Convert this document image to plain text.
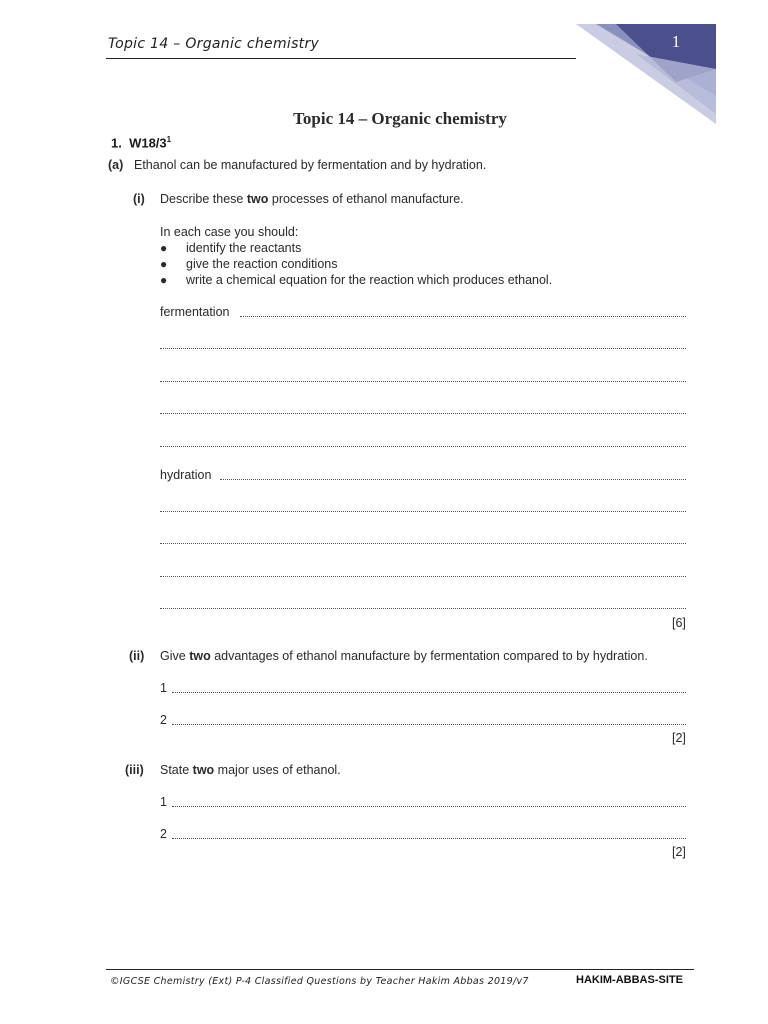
Topic 14 – Organic chemistry	1
Topic 14 – Organic chemistry
1. $W18/3^1$
(a) Ethanol can be manufactured by fermentation and by hydration.
(i) Describe these two processes of ethanol manufacture.
In each case you should:
● identify the reactants
● give the reaction conditions
● write a chemical equation for the reaction which produces ethanol.
fermentation
hydration
[6]
(ii) Give two advantages of ethanol manufacture by fermentation compared to by hydration.
1
2
[2]
(iii) State two major uses of ethanol.
1
2
[2]
©IGCSE Chemistry (Ext) P-4 Classified Questions by Teacher Hakim Abbas 2019/v7	HAKIM-ABBAS-SITE
